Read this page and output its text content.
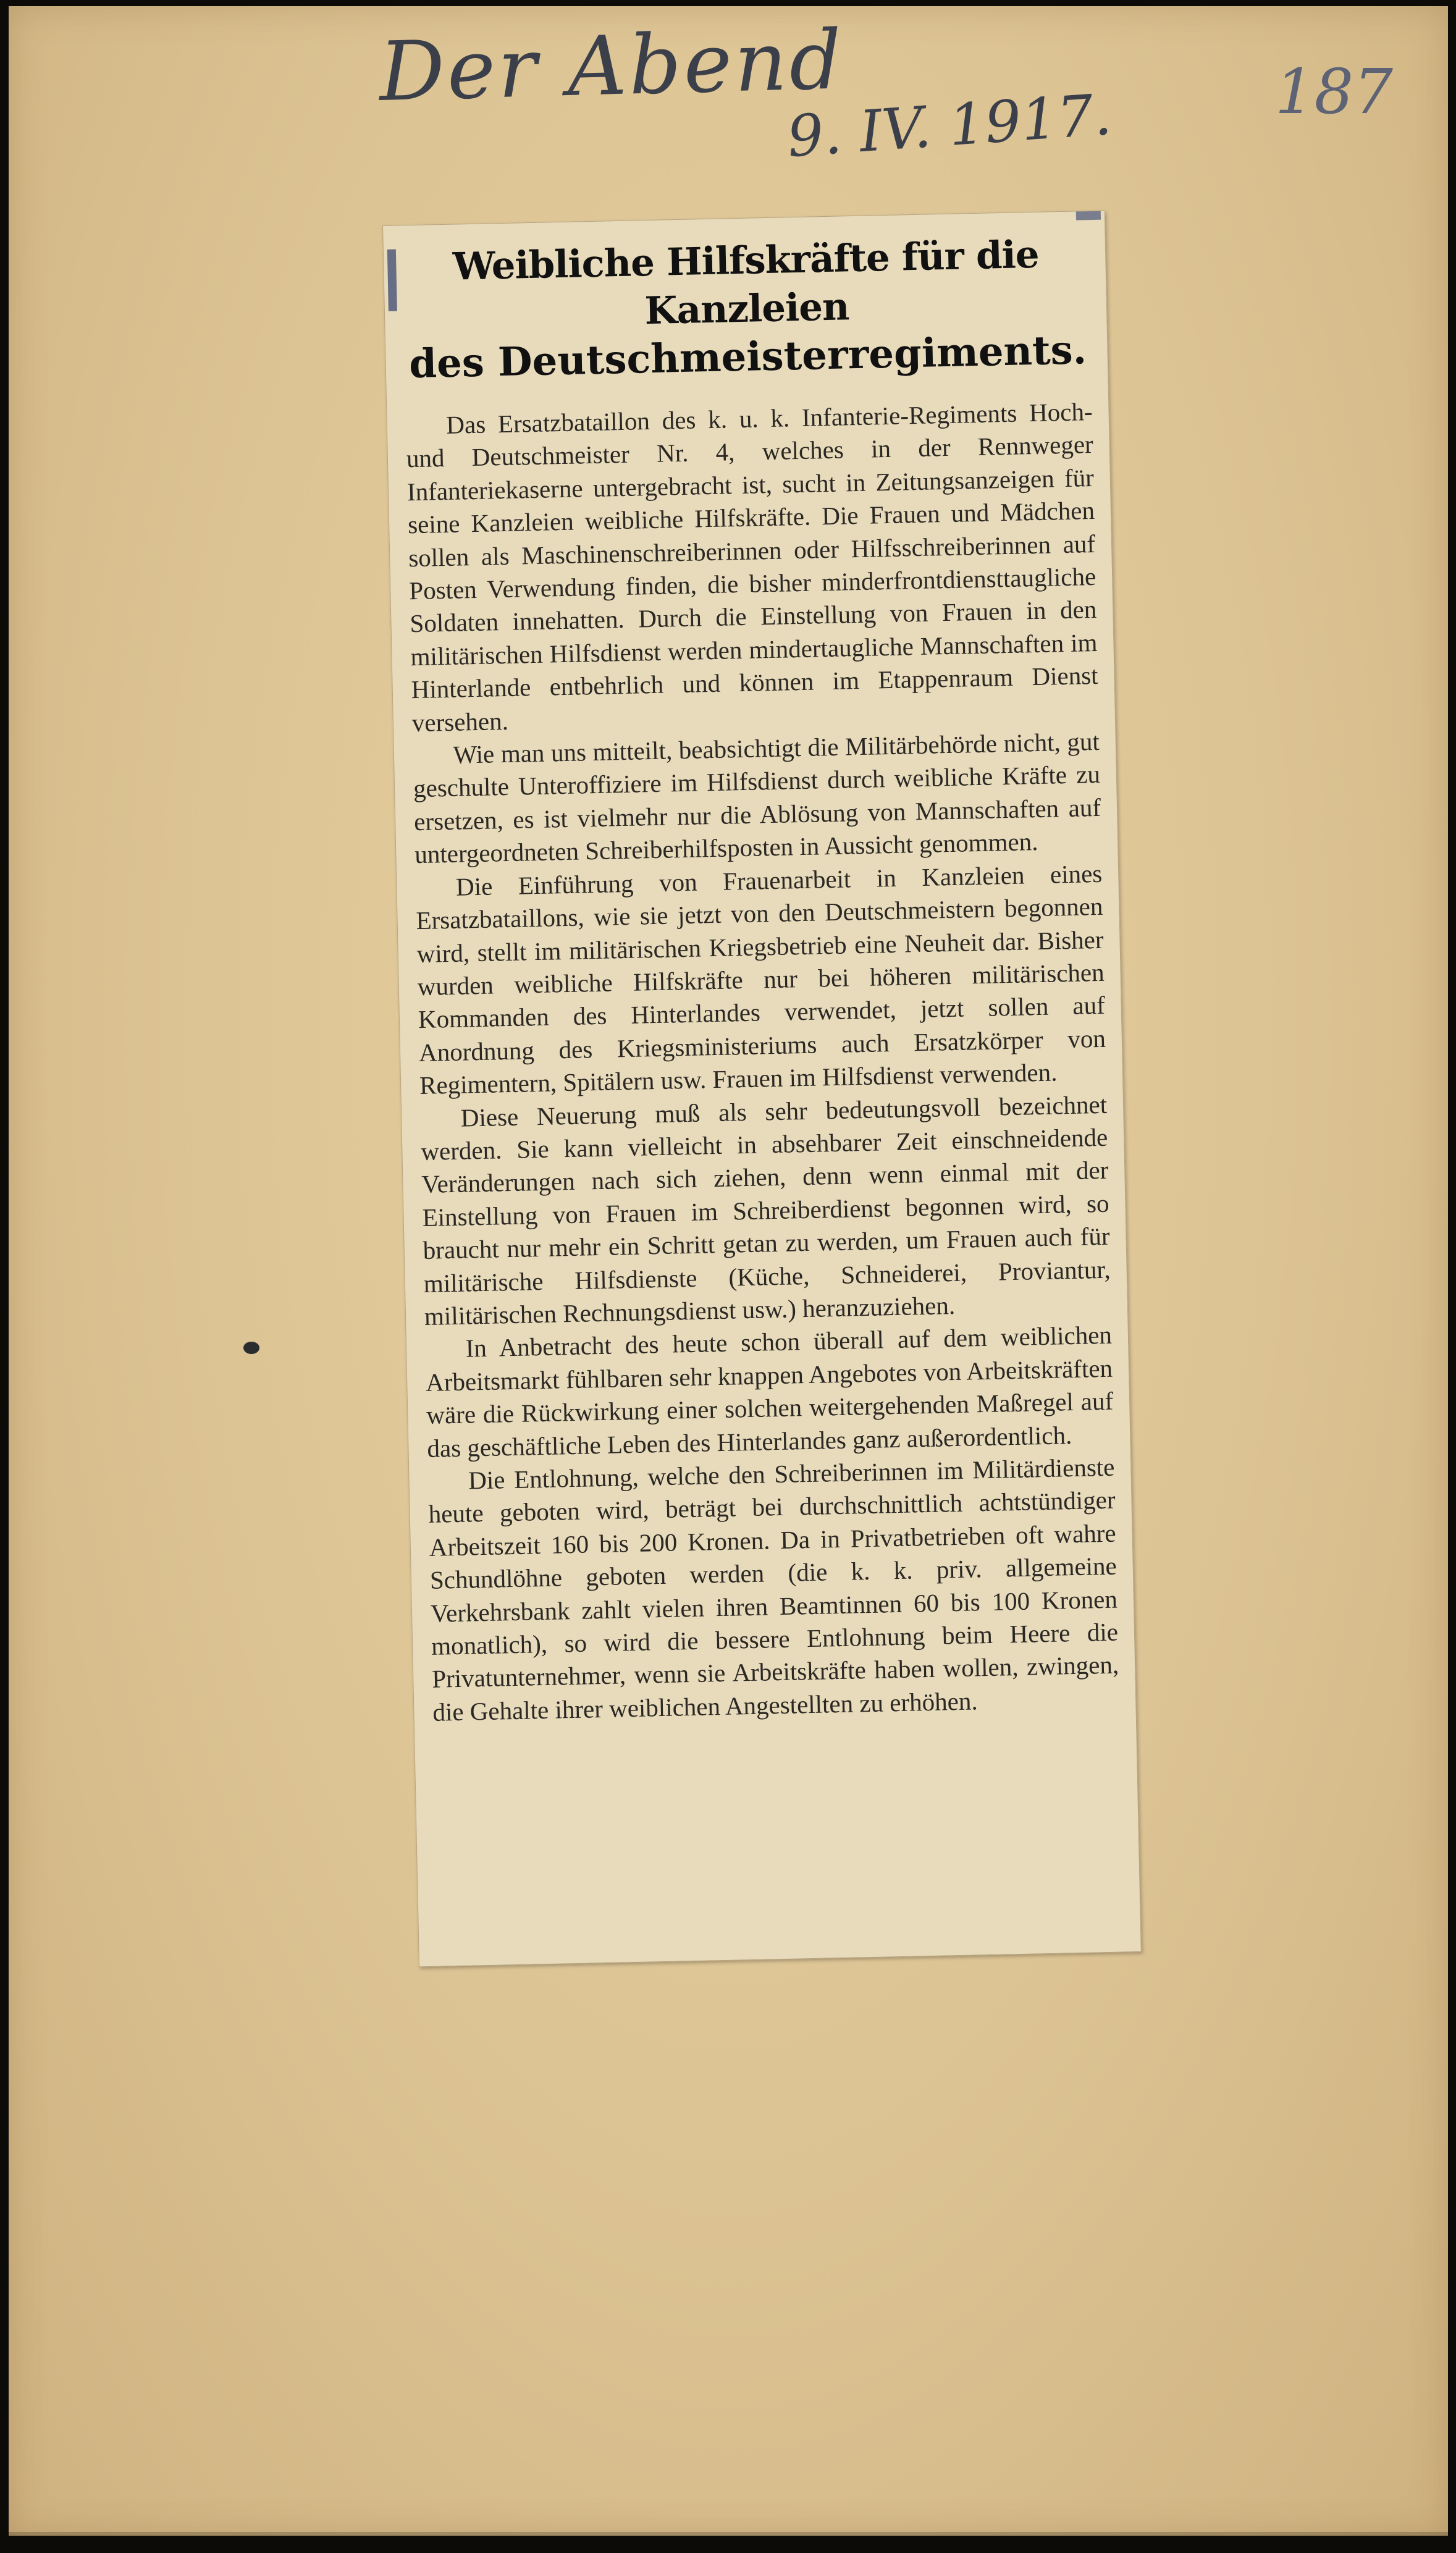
Der Abend
9. IV. 1917.	187
Weibliche Hilfskräfte für die Kanzleien
des Deutschmeisterregiments.

Das Ersatzbataillon des k. u. k. Infanterie-Regiments Hoch- und Deutschmeister Nr. 4, welches in der Rennweger Infanteriekaserne untergebracht ist, sucht in Zeitungsanzeigen für seine Kanzleien weibliche Hilfskräfte. Die Frauen und Mädchen sollen als Maschinenschreiberinnen oder Hilfsschreiberinnen auf Posten Verwendung finden, die bisher minderfrontdiensttaugliche Soldaten innehatten. Durch die Einstellung von Frauen in den militärischen Hilfsdienst werden mindertaugliche Mannschaften im Hinterlande entbehrlich und können im Etappenraum Dienst versehen.

Wie man uns mitteilt, beabsichtigt die Militärbehörde nicht, gut geschulte Unteroffiziere im Hilfsdienst durch weibliche Kräfte zu ersetzen, es ist vielmehr nur die Ablösung von Mannschaften auf untergeordneten Schreiberhilfsposten in Aussicht genommen.

Die Einführung von Frauenarbeit in Kanzleien eines Ersatzbataillons, wie sie jetzt von den Deutschmeistern begonnen wird, stellt im militärischen Kriegsbetrieb eine Neuheit dar. Bisher wurden weibliche Hilfskräfte nur bei höheren militärischen Kommanden des Hinterlandes verwendet, jetzt sollen auf Anordnung des Kriegsministeriums auch Ersatzkörper von Regimentern, Spitälern usw. Frauen im Hilfsdienst verwenden.

Diese Neuerung muß als sehr bedeutungsvoll bezeichnet werden. Sie kann vielleicht in absehbarer Zeit einschneidende Veränderungen nach sich ziehen, denn wenn einmal mit der Einstellung von Frauen im Schreiberdienst begonnen wird, so braucht nur mehr ein Schritt getan zu werden, um Frauen auch für militärische Hilfsdienste (Küche, Schneiderei, Proviantur, militärischen Rechnungsdienst usw.) heranzuziehen.

In Anbetracht des heute schon überall auf dem weiblichen Arbeitsmarkt fühlbaren sehr knappen Angebotes von Arbeitskräften wäre die Rückwirkung einer solchen weitergehenden Maßregel auf das geschäftliche Leben des Hinterlandes ganz außerordentlich.

Die Entlohnung, welche den Schreiberinnen im Militärdienste heute geboten wird, beträgt bei durchschnittlich achtstündiger Arbeitszeit 160 bis 200 Kronen. Da in Privatbetrieben oft wahre Schundlöhne geboten werden (die k. k. priv. allgemeine Verkehrsbank zahlt vielen ihren Beamtinnen 60 bis 100 Kronen monatlich), so wird die bessere Entlohnung beim Heere die Privatunternehmer, wenn sie Arbeitskräfte haben wollen, zwingen, die Gehalte ihrer weiblichen Angestellten zu erhöhen.
